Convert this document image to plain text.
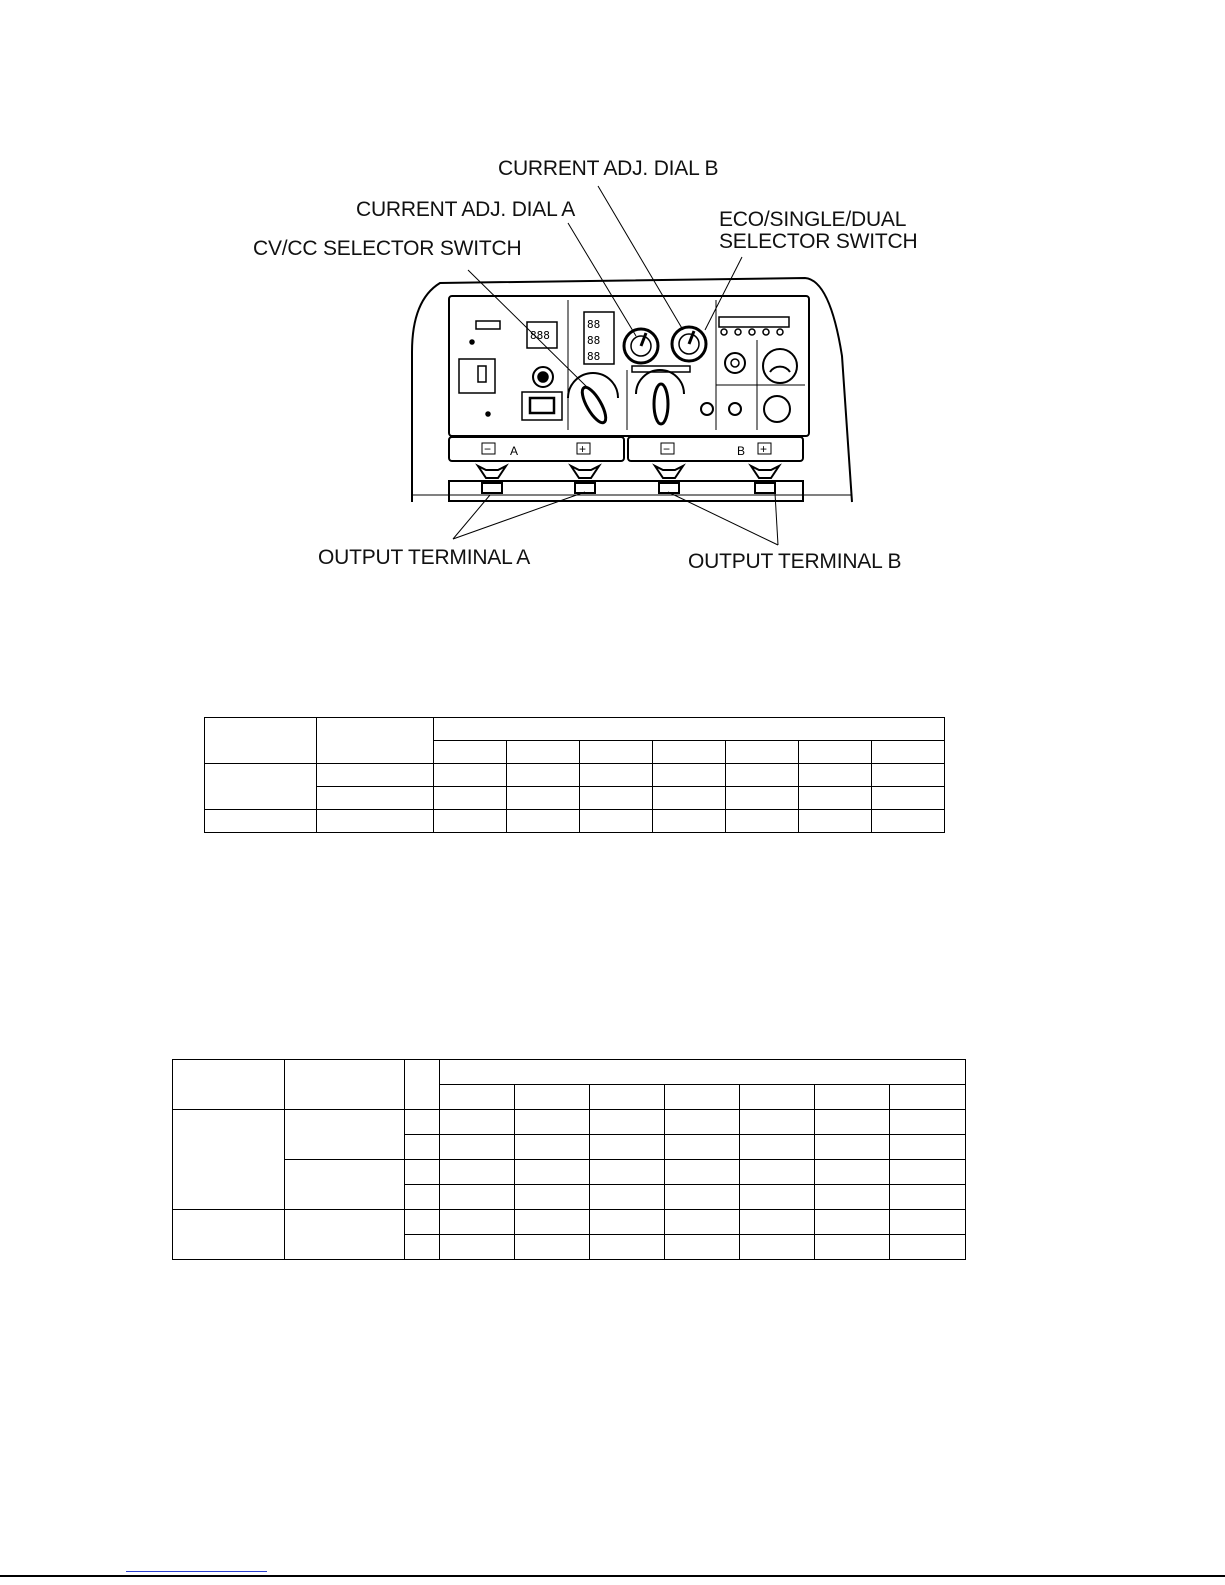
888
88
88
88
− A	+	−	B +
CURRENT ADJ. DIAL B
CURRENT ADJ. DIAL A	ECO/SINGLE/DUAL
SELECTOR SWITCH
CV/CC SELECTOR SWITCH
OUTPUT TERMINAL A	OUTPUT TERMINAL B
